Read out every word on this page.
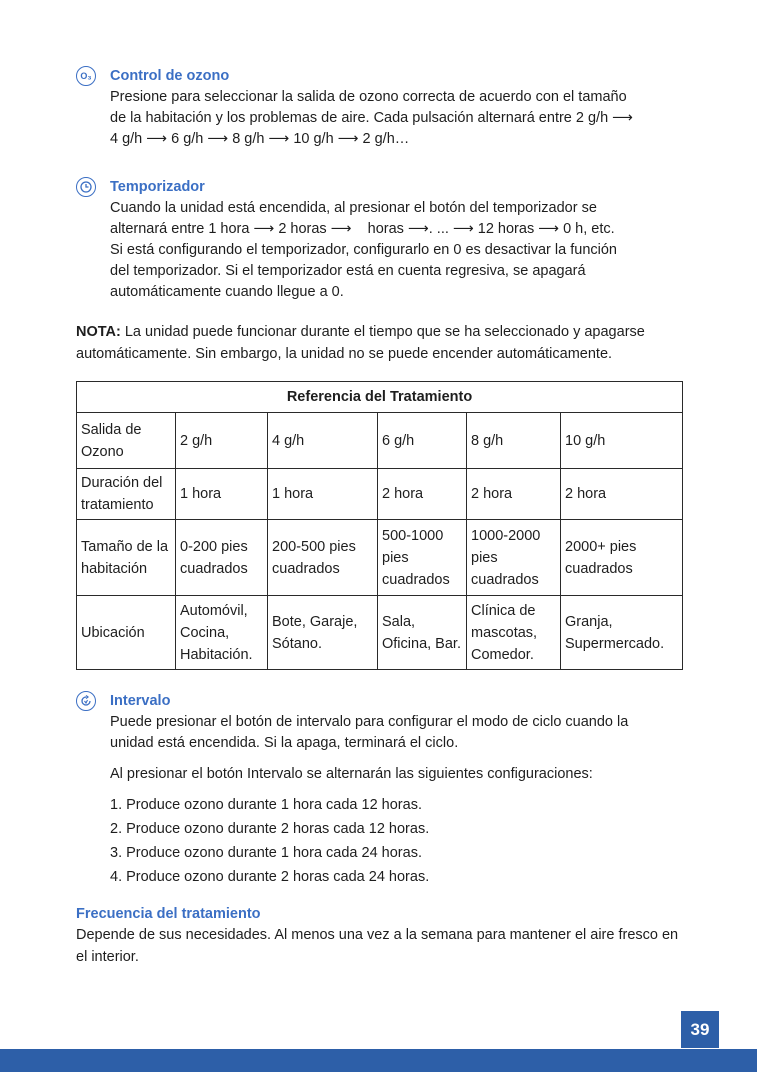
O₃	Control de ozono

Presione para seleccionar la salida de ozono correcta de acuerdo con el tamaño

de la habitación y los problemas de aire. Cada pulsación alternará entre 2 g/h ⟶

4 g/h ⟶ 6 g/h ⟶ 8 g/h ⟶ 10 g/h ⟶ 2 g/h…

Temporizador

Cuando la unidad está encendida, al presionar el botón del temporizador se

alternará entre 1 hora ⟶ 2 horas ⟶ horas ⟶. ... ⟶ 12 horas ⟶ 0 h, etc.

Si está configurando el temporizador, configurarlo en 0 es desactivar la función

del temporizador. Si el temporizador está en cuenta regresiva, se apagará

automáticamente cuando llegue a 0.

NOTA: La unidad puede funcionar durante el tiempo que se ha seleccionado y apagarse automáticamente. Sin embargo, la unidad no se puede encender automáticamente.
Referencia del Tratamiento					
Salida de Ozono	2 g/h	4 g/h	6 g/h	8 g/h	10 g/h
Duración del tratamiento	1 hora	1 hora	2 hora	2 hora	2 hora
Tamaño de la habitación	0-200 pies cuadrados	200-500 pies cuadrados	500-1000 pies cuadrados	1000-2000 pies cuadrados	2000+ pies cuadrados
Ubicación	Automóvil, Cocina, Habitación.	Bote, Garaje, Sótano.	Sala, Oficina, Bar.	Clínica de mascotas, Comedor.	Granja, Supermercado.
Intervalo

Puede presionar el botón de intervalo para configurar el modo de ciclo cuando la

unidad está encendida. Si la apaga, terminará el ciclo.

Al presionar el botón Intervalo se alternarán las siguientes configuraciones:

1. Produce ozono durante 1 hora cada 12 horas.
2. Produce ozono durante 2 horas cada 12 horas.
3. Produce ozono durante 1 hora cada 24 horas.
4. Produce ozono durante 2 horas cada 24 horas.
Frecuencia del tratamiento
Depende de sus necesidades. Al menos una vez a la semana para mantener el aire fresco en el interior.
39
